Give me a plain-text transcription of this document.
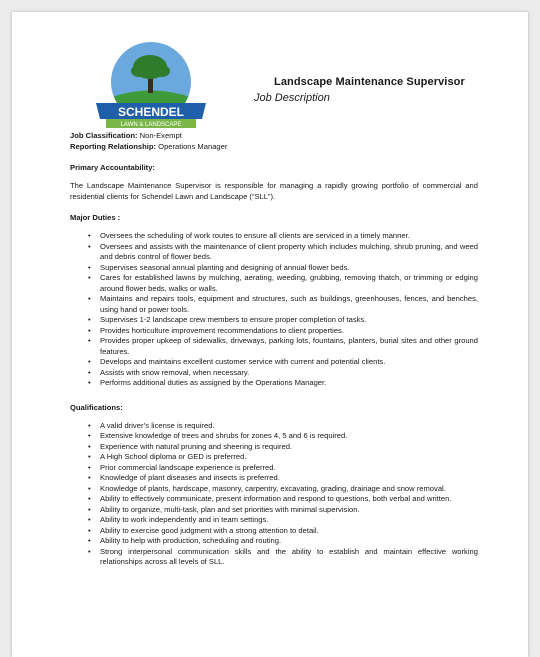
SCHENDEL
LAWN & LANDSCAPE

Landscape Maintenance Supervisor

Job Description

Job Classification: Non-Exempt

Reporting Relationship: Operations Manager

Primary Accountability:

The Landscape Maintenance Supervisor is responsible for managing a rapidly growing portfolio of commercial and residential clients for Schendel Lawn and Landscape (“SLL”).

Major Duties :

• Oversees the scheduling of work routes to ensure all clients are serviced in a timely manner.
• Oversees and assists with the maintenance of client property which includes mulching, shrub pruning, and weed and debris control of flower beds.
• Supervises seasonal annual planting and designing of annual flower beds.
• Cares for established lawns by mulching, aerating, weeding, grubbing, removing thatch, or trimming or edging around flower beds, walks or walls.
• Maintains and repairs tools, equipment and structures, such as buildings, greenhouses, fences, and benches, using hand or power tools.
• Supervises 1-2 landscape crew members to ensure proper completion of tasks.
• Provides horticulture improvement recommendations to client properties.
• Provides proper upkeep of sidewalks, driveways, parking lots, fountains, planters, burial sites and other ground features.
• Develops and maintains excellent customer service with current and potential clients.
• Assists with snow removal, when necessary.
• Performs additional duties as assigned by the Operations Manager.

Qualifications:

• A valid driver’s license is required.
• Extensive knowledge of trees and shrubs for zones 4, 5 and 6 is required.
• Experience with natural pruning and sheering is required.
• A High School diploma or GED is preferred.
• Prior commercial landscape experience is preferred.
• Knowledge of plant diseases and insects is preferred.
• Knowledge of plants, hardscape, masonry, carpentry, excavating, grading, drainage and snow removal.
• Ability to effectively communicate, present information and respond to questions, both verbal and written.
• Ability to organize, multi-task, plan and set priorities with minimal supervision.
• Ability to work independently and in team settings.
• Ability to exercise good judgment with a strong attention to detail.
• Ability to help with production, scheduling and routing.
• Strong interpersonal communication skills and the ability to establish and maintain effective working relationships across all levels of SLL.
